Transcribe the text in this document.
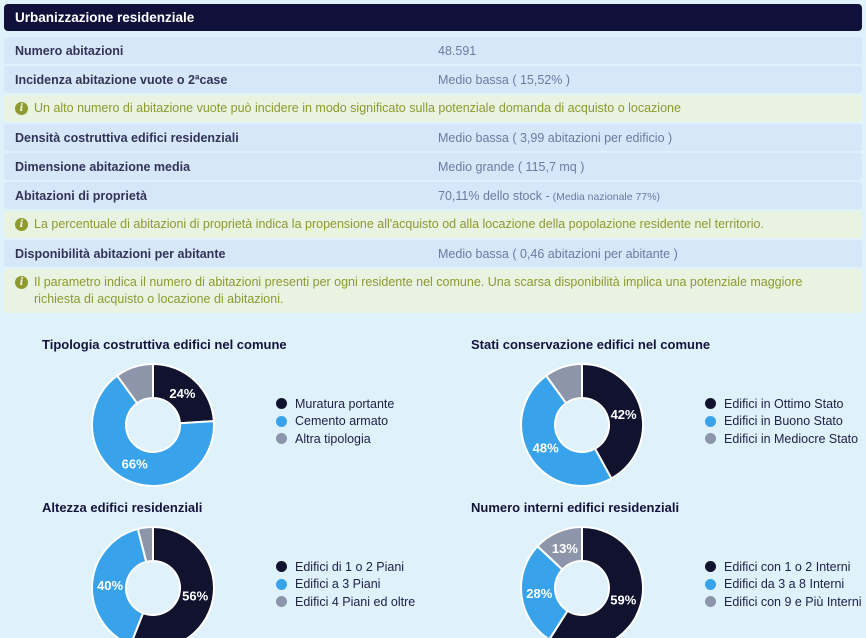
Urbanizzazione residenziale
Numero abitazioni	48.591
Incidenza abitazione vuote o 2ªcase	Medio bassa ( 15,52% )
i Un alto numero di abitazione vuote può incidere in modo significato sulla potenziale domanda di acquisto o locazione
Densità costruttiva edifici residenziali	Medio bassa ( 3,99 abitazioni per edificio )
Dimensione abitazione media	Medio grande ( 115,7 mq )
Abitazioni di proprietà	70,11% dello stock - (Media nazionale 77%)
i La percentuale di abitazioni di proprietà indica la propensione all'acquisto od alla locazione della popolazione residente nel territorio.
Disponibilità abitazioni per abitante	Medio bassa ( 0,46 abitazioni per abitante )
i Il parametro indica il numero di abitazioni presenti per ogni residente nel comune. Una scarsa disponibilità implica una potenziale maggiore richiesta di acquisto o locazione di abitazioni.
Tipologia costruttiva edifici nel comune
24%
66%
Muratura portante
Cemento armato
Altra tipologia
Stati conservazione edifici nel comune
42%
48%
Edifici in Ottimo Stato
Edifici in Buono Stato
Edifici in Mediocre Stato
Altezza edifici residenziali
56%
40%
Edifici di 1 o 2 Piani
Edifici a 3 Piani
Edifici 4 Piani ed oltre
Numero interni edifici residenziali
59%
28%
13%
Edifici con 1 o 2 Interni
Edifici da 3 a 8 Interni
Edifici con 9 e Più Interni
